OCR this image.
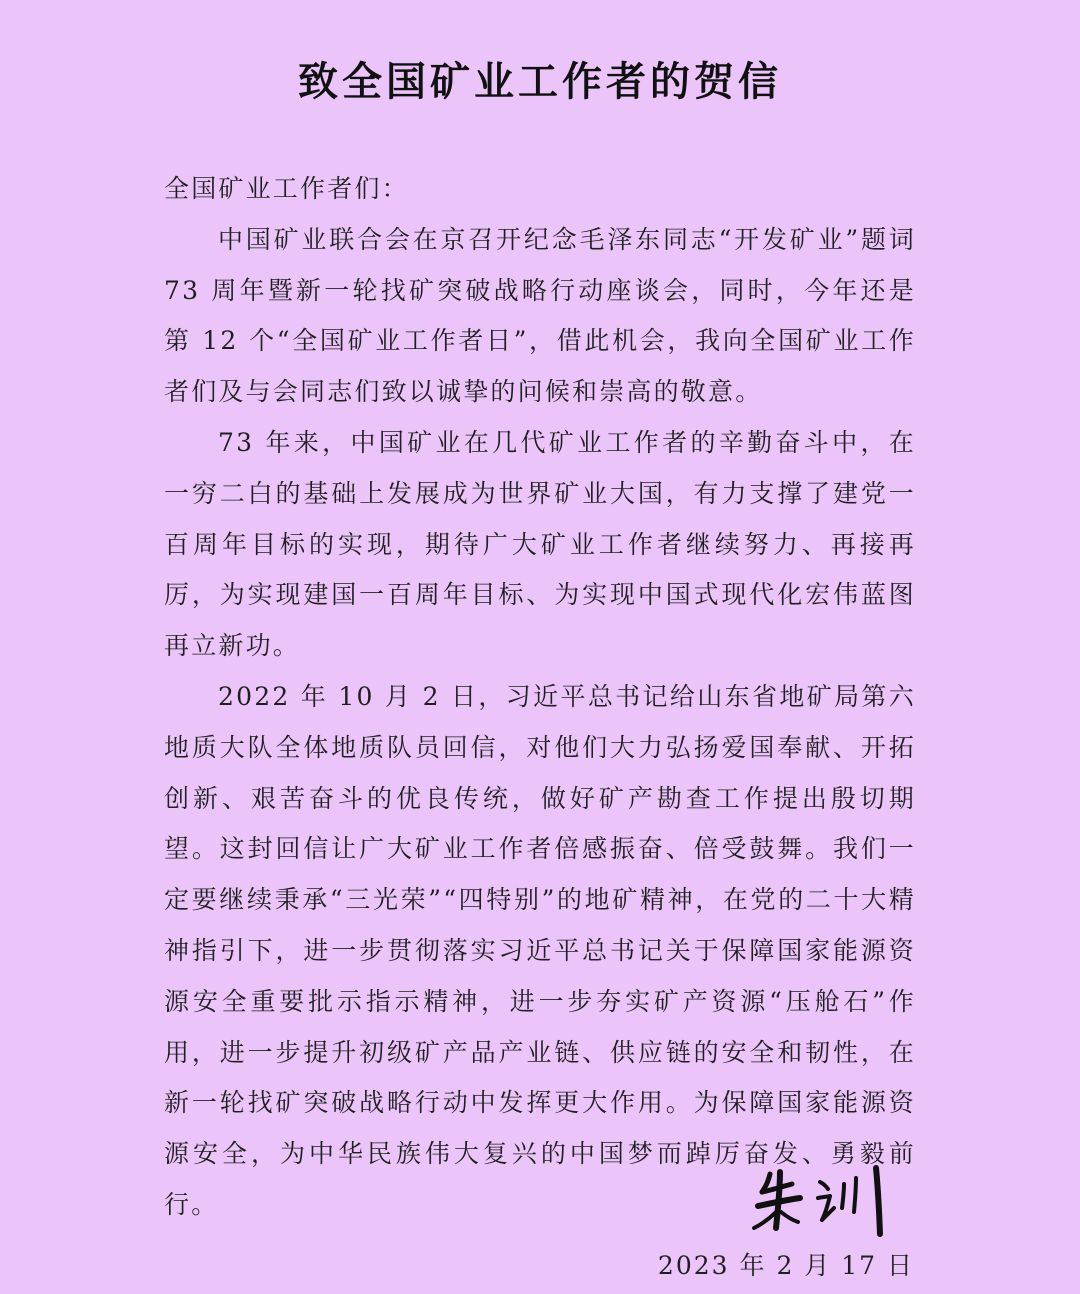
致全国矿业工作者的贺信

全国矿业工作者们：

中国矿业联合会在京召开纪念毛泽东同志“开发矿业”题词 73 周年暨新一轮找矿突破战略行动座谈会，同时，今年还是第 12 个“全国矿业工作者日”，借此机会，我向全国矿业工作者们及与会同志们致以诚挚的问候和崇高的敬意。

73 年来，中国矿业在几代矿业工作者的辛勤奋斗中，在一穷二白的基础上发展成为世界矿业大国，有力支撑了建党一百周年目标的实现，期待广大矿业工作者继续努力、再接再厉，为实现建国一百周年目标、为实现中国式现代化宏伟蓝图再立新功。

2022 年 10 月 2 日，习近平总书记给山东省地矿局第六地质大队全体地质队员回信，对他们大力弘扬爱国奉献、开拓创新、艰苦奋斗的优良传统，做好矿产勘查工作提出殷切期望。这封回信让广大矿业工作者倍感振奋、倍受鼓舞。我们一定要继续秉承“三光荣”“四特别”的地矿精神，在党的二十大精神指引下，进一步贯彻落实习近平总书记关于保障国家能源资源安全重要批示指示精神，进一步夯实矿产资源“压舱石”作用，进一步提升初级矿产品产业链、供应链的安全和韧性，在新一轮找矿突破战略行动中发挥更大作用。为保障国家能源资源安全，为中华民族伟大复兴的中国梦而踔厉奋发、勇毅前行。

2023 年 2 月 17 日
